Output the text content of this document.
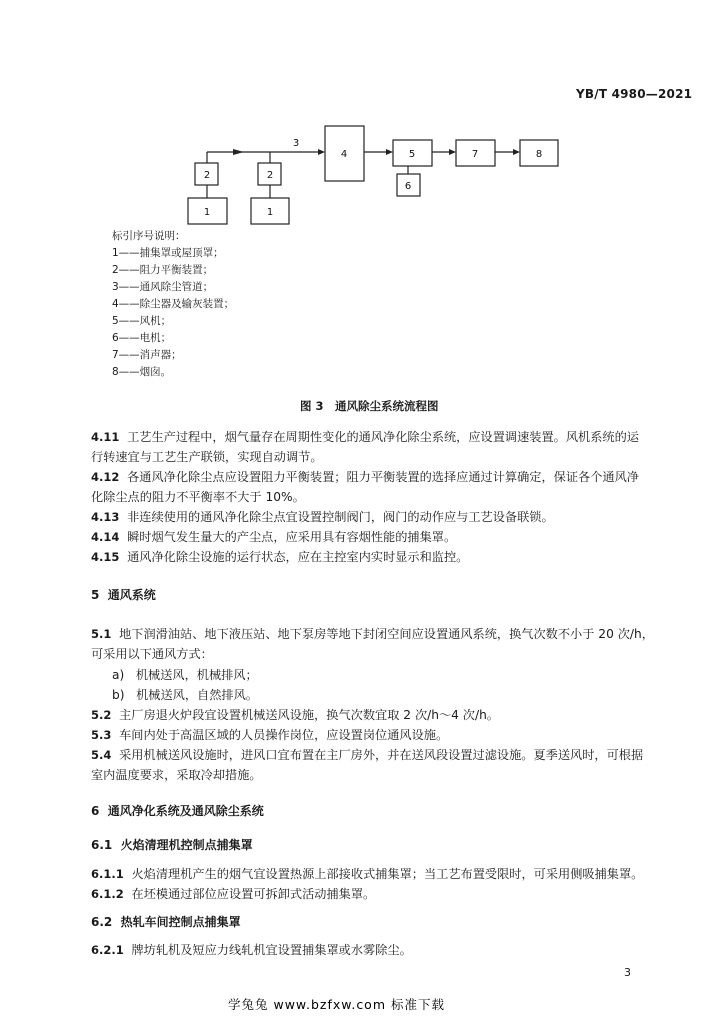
YB/T 4980—2021
2
1
2
1
3
4	5
6
7	8
标引序号说明：
1——捕集罩或屋顶罩；
2——阻力平衡装置；
3——通风除尘管道；
4——除尘器及输灰装置；
5——风机；
6——电机；
7——消声器；
8——烟囱。
图 3　通风除尘系统流程图
4.11 工艺生产过程中，烟气量存在周期性变化的通风净化除尘系统，应设置调速装置。风机系统的运
行转速宜与工艺生产联锁，实现自动调节。
4.12 各通风净化除尘点应设置阻力平衡装置；阻力平衡装置的选择应通过计算确定，保证各个通风净
化除尘点的阻力不平衡率不大于 10%。
4.13 非连续使用的通风净化除尘点宜设置控制阀门，阀门的动作应与工艺设备联锁。
4.14 瞬时烟气发生量大的产尘点，应采用具有容烟性能的捕集罩。
4.15 通风净化除尘设施的运行状态，应在主控室内实时显示和监控。
5 通风系统
5.1 地下润滑油站、地下液压站、地下泵房等地下封闭空间应设置通风系统，换气次数不小于 20 次/h，
可采用以下通风方式：
a) 机械送风，机械排风；
b) 机械送风，自然排风。
5.2 主厂房退火炉段宜设置机械送风设施，换气次数宜取 2 次/h～4 次/h。
5.3 车间内处于高温区域的人员操作岗位，应设置岗位通风设施。
5.4 采用机械送风设施时，进风口宜布置在主厂房外，并在送风段设置过滤设施。夏季送风时，可根据
室内温度要求，采取冷却措施。
6 通风净化系统及通风除尘系统
6.1 火焰清理机控制点捕集罩
6.1.1 火焰清理机产生的烟气宜设置热源上部接收式捕集罩；当工艺布置受限时，可采用侧吸捕集罩。
6.1.2 在坯模通过部位应设置可拆卸式活动捕集罩。
6.2 热轧车间控制点捕集罩
6.2.1 牌坊轧机及短应力线轧机宜设置捕集罩或水雾除尘。
3
学兔兔 www.bzfxw.com 标准下载
